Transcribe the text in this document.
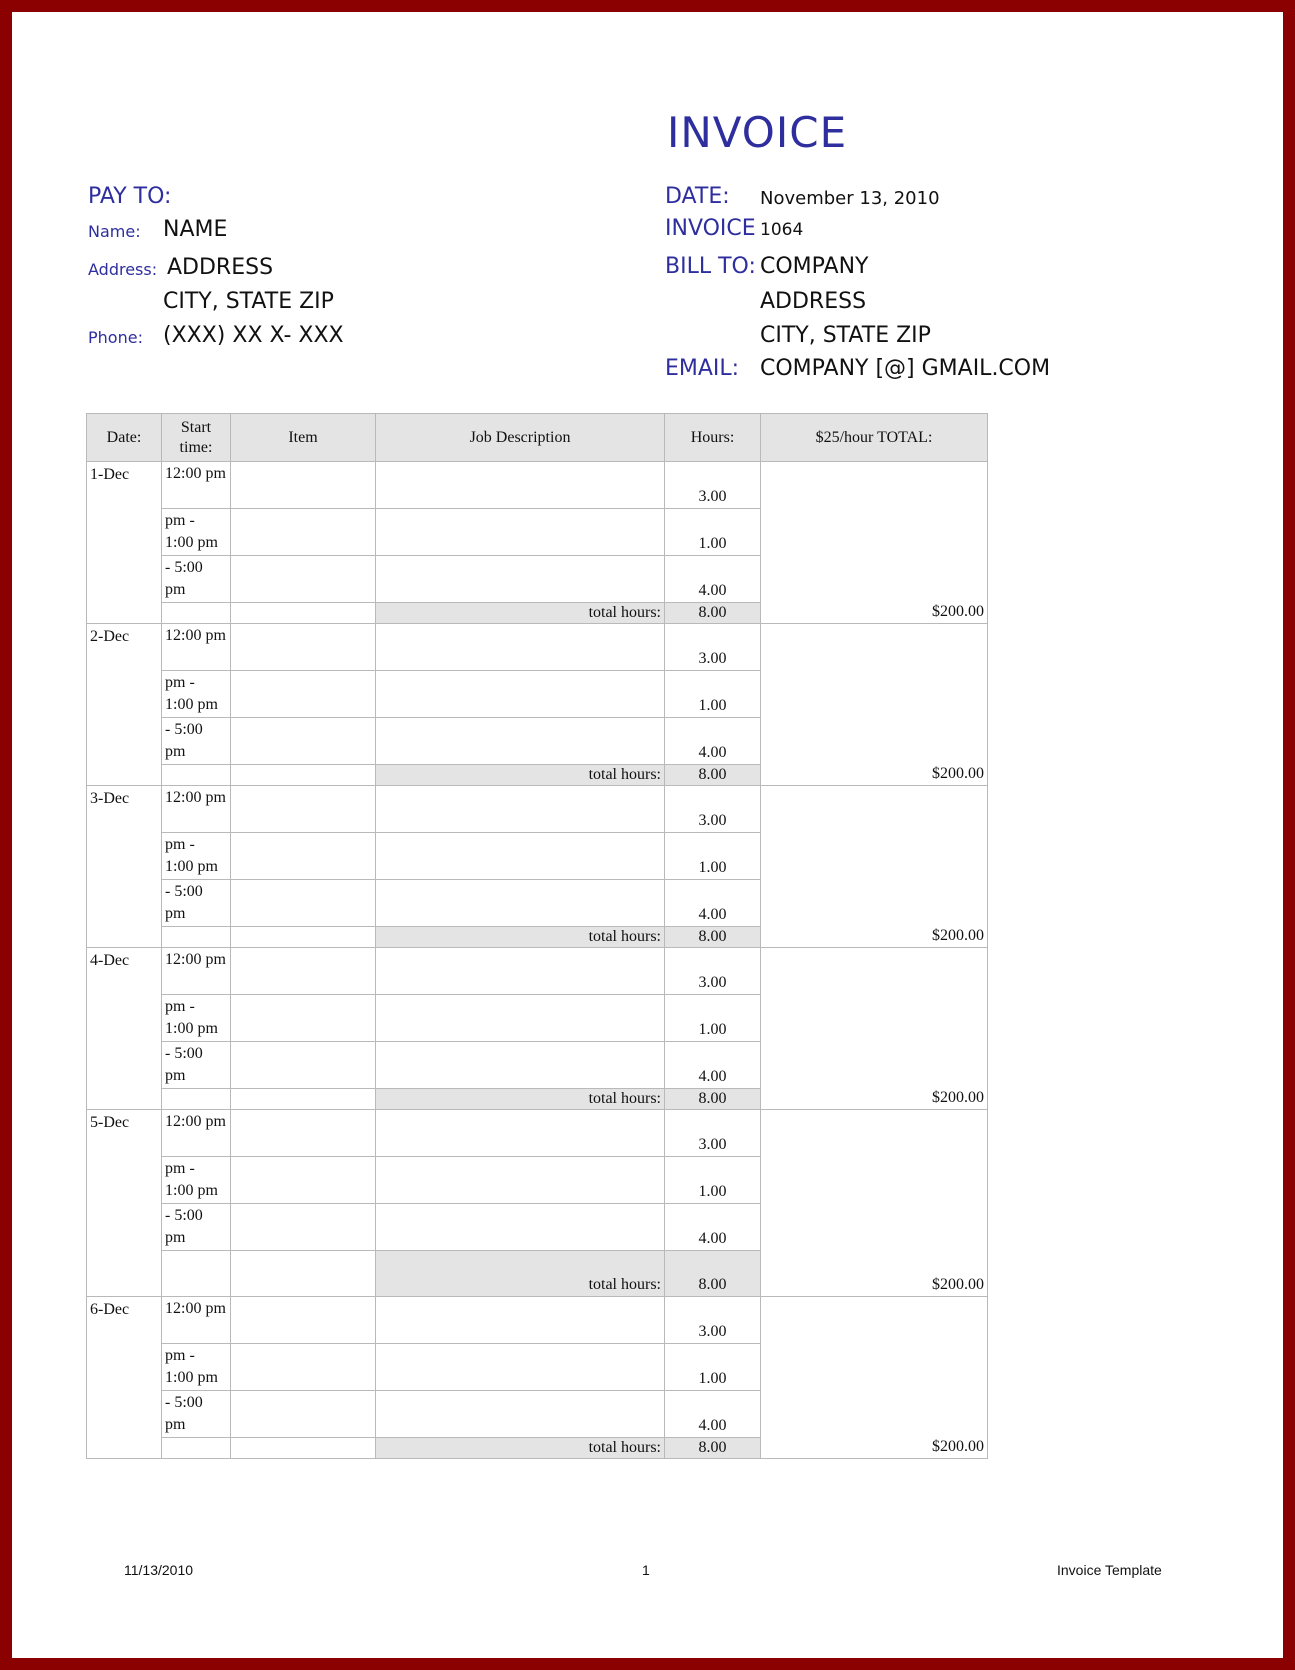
INVOICE
PAY TO:
Name: NAME
Address: ADDRESS
CITY, STATE ZIP
Phone: (XXX) XX X- XXX
DATE: November 13, 2010
INVOICE 1064
BILL TO: COMPANY
ADDRESS
CITY, STATE ZIP
EMAIL: COMPANY [@] GMAIL.COM
Date:	Start time:	Item	Job Description	Hours:	$25/hour TOTAL:
1-Dec	12:00 pm			3.00	$200.00
	pm - 1:00 pm			1.00	
	- 5:00 pm			4.00	
			total hours:	8.00	
2-Dec	12:00 pm			3.00	$200.00
	pm - 1:00 pm			1.00	
	- 5:00 pm			4.00	
			total hours:	8.00	
3-Dec	12:00 pm			3.00	$200.00
	pm - 1:00 pm			1.00	
	- 5:00 pm			4.00	
			total hours:	8.00	
4-Dec	12:00 pm			3.00	$200.00
	pm - 1:00 pm			1.00	
	- 5:00 pm			4.00	
			total hours:	8.00	
5-Dec	12:00 pm			3.00	$200.00
	pm - 1:00 pm			1.00	
	- 5:00 pm			4.00	
			total hours:	8.00	
6-Dec	12:00 pm			3.00	$200.00
	pm - 1:00 pm			1.00	
	- 5:00 pm			4.00	
			total hours:	8.00	
11/13/2010	1	Invoice Template
